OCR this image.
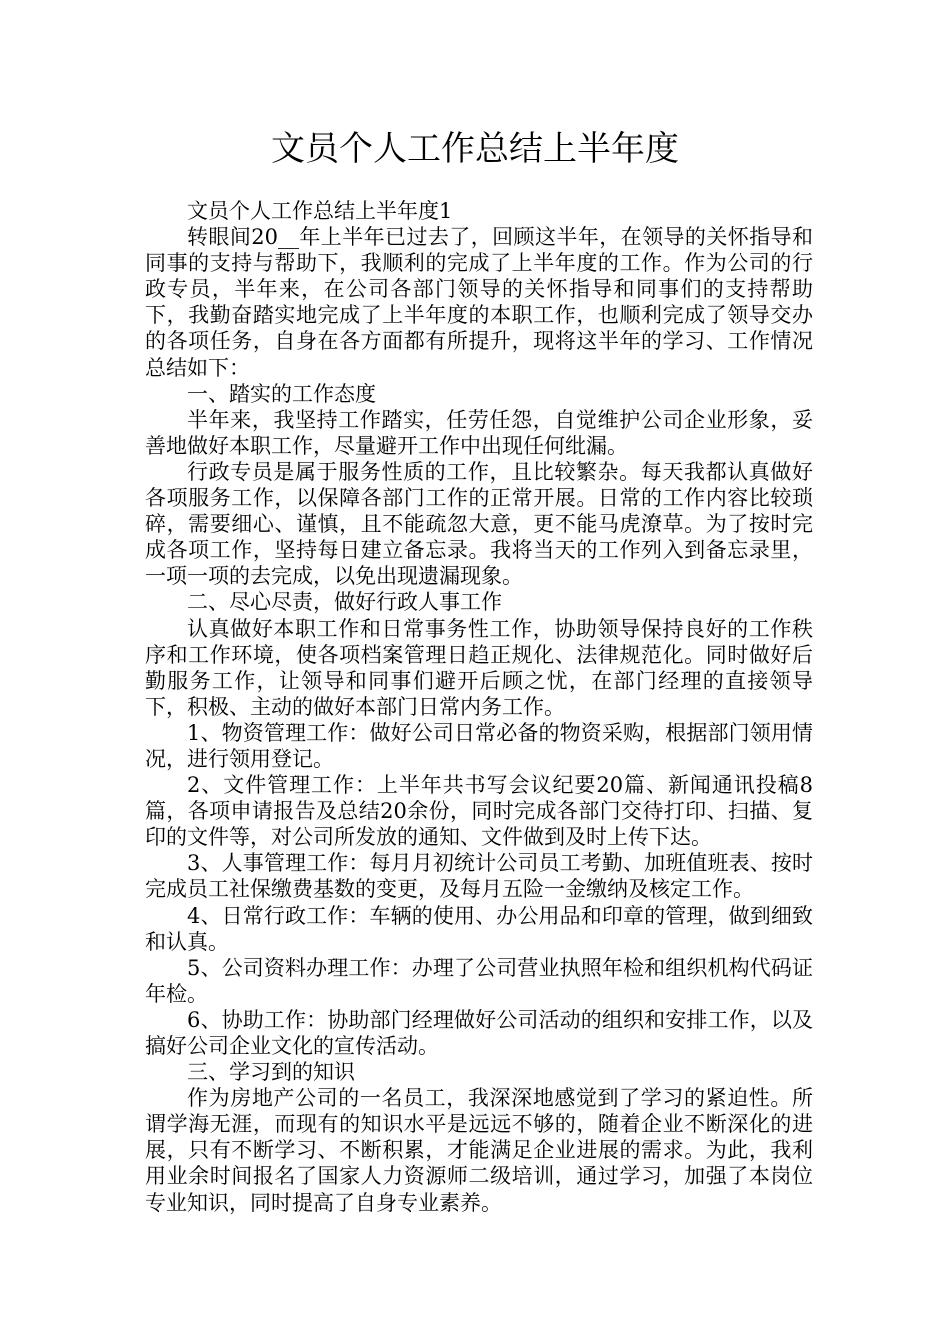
文员个人工作总结上半年度

文员个人工作总结上半年度1

转眼间20__年上半年已过去了，回顾这半年，在领导的关怀指导和同事的支持与帮助下，我顺利的完成了上半年度的工作。作为公司的行政专员，半年来，在公司各部门领导的关怀指导和同事们的支持帮助下，我勤奋踏实地完成了上半年度的本职工作，也顺利完成了领导交办的各项任务，自身在各方面都有所提升，现将这半年的学习、工作情况总结如下：

一、踏实的工作态度

半年来，我坚持工作踏实，任劳任怨，自觉维护公司企业形象，妥善地做好本职工作，尽量避开工作中出现任何纰漏。

行政专员是属于服务性质的工作，且比较繁杂。每天我都认真做好各项服务工作，以保障各部门工作的正常开展。日常的工作内容比较琐碎，需要细心、谨慎，且不能疏忽大意，更不能马虎潦草。为了按时完成各项工作，坚持每日建立备忘录。我将当天的工作列入到备忘录里，一项一项的去完成，以免出现遗漏现象。

二、尽心尽责，做好行政人事工作

认真做好本职工作和日常事务性工作，协助领导保持良好的工作秩序和工作环境，使各项档案管理日趋正规化、法律规范化。同时做好后勤服务工作，让领导和同事们避开后顾之忧，在部门经理的直接领导下，积极、主动的做好本部门日常内务工作。

1、物资管理工作：做好公司日常必备的物资采购，根据部门领用情况，进行领用登记。

2、文件管理工作：上半年共书写会议纪要20篇、新闻通讯投稿8篇，各项申请报告及总结20余份，同时完成各部门交待打印、扫描、复印的文件等，对公司所发放的通知、文件做到及时上传下达。

3、人事管理工作：每月月初统计公司员工考勤、加班值班表、按时完成员工社保缴费基数的变更，及每月五险一金缴纳及核定工作。

4、日常行政工作：车辆的使用、办公用品和印章的管理，做到细致和认真。

5、公司资料办理工作：办理了公司营业执照年检和组织机构代码证年检。

6、协助工作：协助部门经理做好公司活动的组织和安排工作，以及搞好公司企业文化的宣传活动。

三、学习到的知识

作为房地产公司的一名员工，我深深地感觉到了学习的紧迫性。所谓学海无涯，而现有的知识水平是远远不够的，随着企业不断深化的进展，只有不断学习、不断积累，才能满足企业进展的需求。为此，我利用业余时间报名了国家人力资源师二级培训，通过学习，加强了本岗位专业知识，同时提高了自身专业素养。
